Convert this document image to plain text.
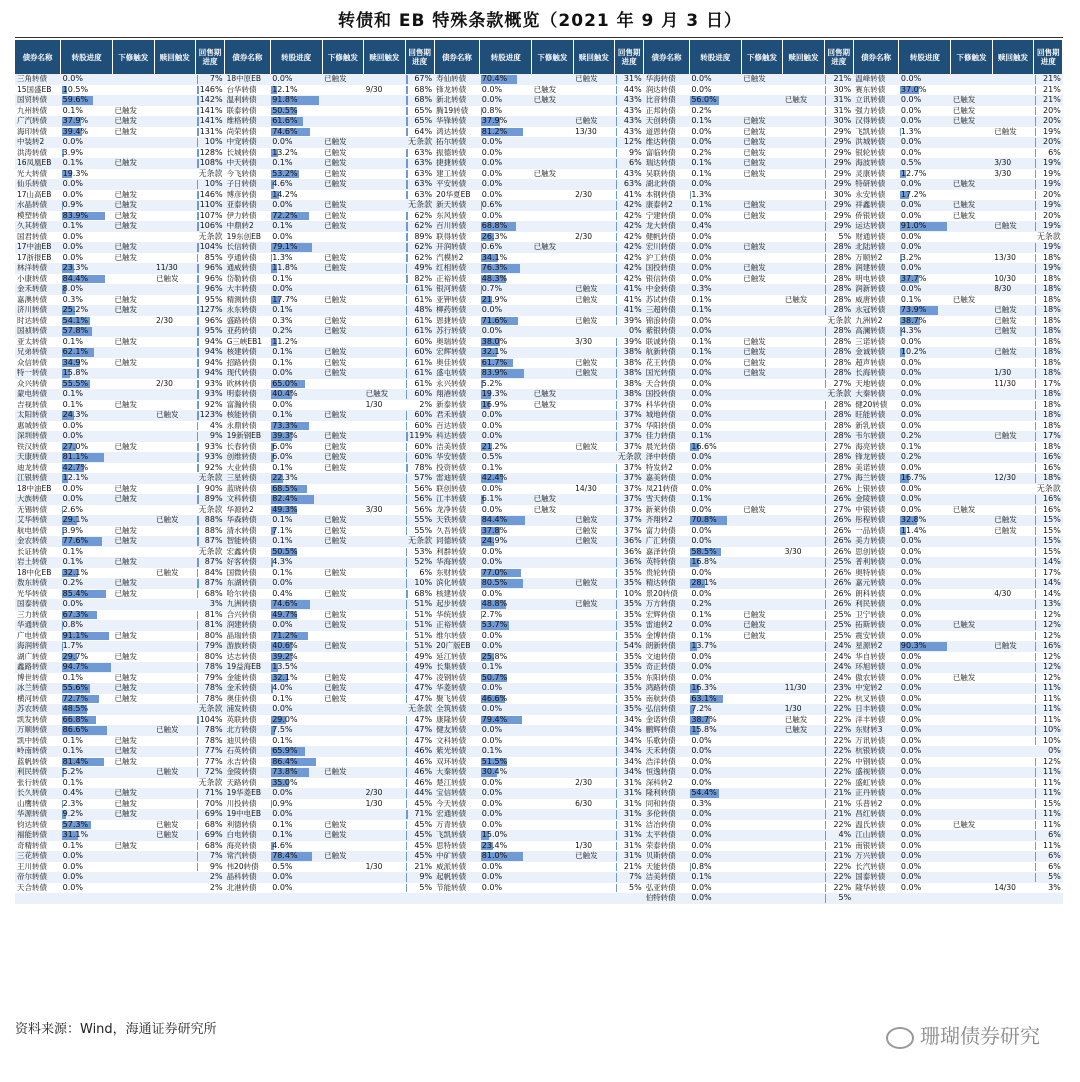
转债和 EB 特殊条款概览（2021 年 9 月 3 日）
债券名称	转股进度	下修触发	赎回触发	回售期进度	债券名称	转股进度	下修触发	赎回触发	回售期进度	债券名称	转股进度	下修触发	赎回触发	回售期进度	债券名称	转股进度	下修触发	赎回触发	回售期进度	债券名称	转股进度	下修触发	赎回触发	回售期进度
三角转债	0.0%			7%	18中原EB	0.0%	已触发		67%	寿仙转债	70.4%		已触发	31%	华海转债	0.0%	已触发		21%	温峰转债	0.0%			21%
15国盛EB	10.5%			146%	台华转债	12.1%		9/30	68%	锋龙转债	0.0%	已触发		44%	润达转债	0.0%			30%	赛东转债	37.0%			21%
国贸转债	59.6%			142%	温利转债	91.8%			68%	新北转债	0.0%	已触发		43%	比音转债	56.0%		已触发	31%	立讯转债	0.0%	已触发		21%
九州转债	0.1%	已触发		141%	联泰转债	50.5%			65%	腾19转债	0.8%			43%	正邦转债	0.2%			31%	强力转债	0.0%	已触发		20%
广汽转债	37.9%	已触发		141%	维格转债	61.6%			65%	华锋转债	37.9%		已触发	43%	天创转债	0.1%	已触发		30%	汉得转债	0.0%	已触发		20%
海印转债	39.4%	已触发		131%	尚荣转债	74.6%			64%	鸿达转债	81.2%		13/30	43%	道恩转债	0.0%	已触发		29%	飞凯转债	1.3%		已触发	19%
中装转2	0.0%			10%	中宠转债	0.0%	已触发		无条款	拓尔转债	0.0%			12%	维达转债	0.0%	已触发		29%	洪城转债	0.0%			20%
洪涛转债	3.9%			128%	长城转债	13.2%	已触发		63%	振德转债	0.0%			9%	富临转债	0.2%	已触发		29%	银轮转债	0.0%			6%
16凤凰EB	0.1%	已触发		108%	中天转债	0.1%	已触发		63%	捷捷转债	0.0%			6%	瑞达转债	0.1%	已触发		29%	海波转债	0.5%		3/30	19%
光大转债	19.3%			无条款	今飞转债	53.2%	已触发		63%	建工转债	0.0%	已触发		43%	吴联转债	0.1%	已触发		29%	灵康转债	12.7%		3/30	19%
仙乐转债	0.0%			10%	子日转债	4.6%	已触发		63%	平安转债	0.0%			63%	湖北转债	0.0%			29%	特研转债	0.0%	已触发		19%
17山高EB	0.0%	已触发		146%	博彦转债	14.2%			63%	20华夏EB	0.0%		2/30	41%	本钢转债	1.3%			30%	永安转债	17.2%			20%
水晶转债	0.9%	已触发		110%	亚泰转债	0.0%	已触发		无条款	新天转债	0.6%			42%	康泰转2	0.1%	已触发		29%	祥鑫转债	0.0%	已触发		19%
模塑转债	83.9%	已触发		107%	伊力转债	72.2%	已触发		62%	东风转债	0.0%			42%	宁建转债	0.0%	已触发		29%	侨银转债	0.0%	已触发		20%
久其转债	0.1%	已触发		106%	中鼎转2	0.1%	已触发		62%	百川转债	68.8%			42%	龙大转债	0.4%			29%	运达转债	91.0%		已触发	19%
国君转债	0.0%			无条款	19东创EB	0.0%			89%	联得转债	26.3%		2/30	42%	健帆转债	0.0%			5%	财通转债	0.0%			无条款
17中油EB	0.0%	已触发		104%	长信转债	79.1%			62%	开润转债	0.6%	已触发		42%	宏川转债	0.0%	已触发		28%	北陆转债	0.0%			19%
17浙报EB	0.0%	已触发		85%	亨通转债	1.3%	已触发		62%	汽模转2	34.1%			42%	沪工转债	0.0%			28%	万顺转2	3.2%		13/30	18%
林洋转债	23.3%		11/30	96%	通威转债	11.8%	已触发		49%	红相转债	76.3%			42%	国投转债	0.0%	已触发		28%	润建转债	0.0%			19%
小康转债	84.4%		已触发	96%	岱勒转债	0.1%			82%	正裕转债	48.3%			42%	银信转债	0.0%	已触发		28%	明电转债	37.7%		10/30	18%
金禾转债	8.0%			96%	大丰转债	0.0%			61%	银河转债	0.7%		已触发	41%	中金转债	0.3%			28%	润新转债	0.0%		8/30	18%
嘉澳转债	0.3%	已触发		95%	精测转债	17.7%	已触发		61%	亚钾转债	21.9%		已触发	41%	苏试转债	0.1%		已触发	28%	威唐转债	0.1%	已触发		18%
济川转债	25.2%	已触发		127%	永东转债	0.1%			48%	柳药转债	0.0%			41%	三超转债	0.1%			28%	永冠转债	73.9%		已触发	18%
时达转债	54.1%		2/30	96%	盛路转债	0.3%	已触发		61%	恩捷转债	71.6%		已触发	39%	锦浪转债	0.0%			无条款	九洲转2	38.7%		已触发	18%
国祯转债	57.8%			95%	亚药转债	0.2%	已触发		61%	苏行转债	0.0%			0%	紫银转债	0.0%			28%	高澜转债	4.3%		已触发	18%
亚太转债	0.1%	已触发		94%	G三峡EB1	11.2%			60%	奥瑞转债	38.0%		3/30	39%	联诚转债	0.1%	已触发		28%	三诺转债	0.0%			18%
兄弟转债	62.1%			94%	核建转债	0.1%	已触发		60%	宏辉转债	32.1%			38%	航新转债	0.1%	已触发		28%	金诚转债	10.2%		已触发	18%
众信转债	34.9%	已触发		94%	招路转债	0.1%	已触发		61%	奥佳转债	61.7%		已触发	38%	花王转债	0.0%	已触发		28%	超声转债	0.0%			18%
特一转债	15.8%			94%	现代转债	0.0%	已触发		61%	盛屯转债	83.9%		已触发	38%	国光转债	0.0%	已触发		28%	长海转债	0.0%		1/30	18%
众兴转债	55.5%		2/30	93%	欧林转债	65.0%			61%	永兴转债	5.2%			38%	天合转债	0.0%			27%	天地转债	0.0%		11/30	17%
蒙电转债	0.1%			93%	明泰转债	40.4%		已触发	60%	翔港转债	19.3%	已触发		38%	国投转债	0.0%			无条款	大秦转债	0.0%			18%
吉视转债	0.1%	已触发		92%	富瀚转债	0.0%		1/30	2%	新泰转债	16.9%	已触发		37%	科华转债	0.0%			28%	健20转债	0.0%			18%
太阳转债	24.3%		已触发	123%	核能转债	0.1%	已触发		60%	君禾转债	0.0%			37%	城地转债	0.0%			28%	旺能转债	0.0%			18%
惠城转债	0.0%			4%	永鼎转债	73.3%			60%	百达转债	0.0%			37%	华阳转债	0.0%			28%	新乳转债	0.0%			18%
深圳转债	0.0%			9%	19新钢EB	39.3%	已触发		119%	科达转债	0.0%			37%	佳力转债	0.1%			28%	韦尔转债	0.2%		已触发	17%
铁汉转债	27.0%	已触发		93%	长春转债	6.0%	已触发		60%	洁美转债	21.2%		已触发	37%	晨光转债	16.6%			27%	海亮转债	0.1%			18%
天康转债	81.1%			93%	创维转债	6.0%	已触发		60%	华安转债	0.5%			无条款	泽中转债	0.0%			28%	锋龙转债	0.2%			16%
迪龙转债	42.7%			92%	大业转债	0.1%	已触发		78%	投资转债	0.1%			37%	特发转2	0.0%			28%	美诺转债	0.0%			16%
江银转债	12.1%			无条款	三星转债	22.3%			57%	雷迪转债	42.4%			37%	嘉美转债	0.0%			27%	海兰转债	16.7%		12/30	18%
18中油EB	0.0%	已触发		90%	蓝晓转债	68.5%			56%	联创转债	0.0%		14/30	37%	凤21转债	0.0%			26%	上银转债	0.0%			无条款
大族转债	0.0%	已触发		89%	文科转债	82.4%			56%	江丰转债	6.1%	已触发		37%	雪天转债	0.1%			26%	金陵转债	0.0%			16%
无锡转债	2.6%			无条款	华源转2	49.3%		3/30	56%	龙净转债	0.0%	已触发		37%	新莱转债	0.0%	已触发		27%	中银转债	0.0%	已触发		16%
艾华转债	29.1%		已触发	88%	华森转债	0.1%	已触发		55%	天铁转债	84.4%		已触发	37%	齐翔转2	70.8%			26%	彤程转债	32.8%		已触发	15%
航电转债	3.9%	已触发		88%	清水转债	7.1%	已触发		55%	久吾转债	37.8%		已触发	37%	富力转债	0.0%			26%	一品转债	11.4%		已触发	15%
金农转债	77.6%	已触发		87%	智能转债	0.1%	已触发		无条款	同德转债	24.9%		已触发	36%	广汇转债	0.0%			26%	美力转债	0.0%			15%
长证转债	0.1%			无条款	宏鑫转债	50.5%			53%	利群转债	0.0%			36%	嘉泽转债	58.5%		3/30	26%	思创转债	0.0%			15%
岩土转债	0.1%	已触发		87%	好客转债	4.3%			52%	华海转债	0.0%			36%	英特转债	16.8%			25%	普利转债	0.0%			14%
18中化EB	32.1%		已触发	84%	国微转债	0.1%	已触发		6%	东财转债	77.0%			35%	贵轮转债	0.0%			26%	奥特转债	0.0%			17%
敖东转债	0.2%	已触发		87%	东湖转债	0.0%			10%	滨化转债	80.5%		已触发	35%	精达转债	28.1%			26%	嘉元转债	0.0%			14%
光华转债	85.4%	已触发		68%	哈尔转债	0.4%	已触发		68%	核建转债	0.0%			10%	景20转债	0.0%			26%	朗科转债	0.0%		4/30	14%
国泰转债	0.0%			3%	九洲转债	74.6%			51%	起步转债	48.8%		已触发	35%	万方转债	0.2%			26%	利民转债	0.0%			13%
三力转债	67.3%			81%	合兴转债	49.7%	已触发		51%	华统转债	2.7%			35%	宏辉转债	0.1%	已触发		25%	卫宁转债	0.0%			12%
华通转债	0.8%			81%	润建转债	0.0%	已触发		51%	正裕转债	53.7%			35%	雷迪转2	0.0%	已触发		25%	拓斯转债	0.0%	已触发		12%
广电转债	91.1%	已触发		80%	晶瑞转债	71.2%			51%	维尔转债	0.0%			35%	金博转债	0.1%	已触发		25%	震安转债	0.0%			12%
海润转债	1.7%			79%	游族转债	40.6%	已触发		51%	20广版EB	0.0%			54%	朗新转债	13.7%			24%	星源转2	90.3%		已触发	16%
湖广转债	29.7%	已触发		80%	达志转债	39.2%			49%	延江转债	25.8%			35%	文迪转债	0.0%			24%	华自转债	0.0%			12%
鑫路转债	94.7%			78%	19益海EB	13.5%			49%	长集转债	0.1%			35%	奇正转债	0.0%			24%	环旭转债	0.0%			12%
博世转债	0.1%	已触发		79%	金能转债	32.1%	已触发		47%	凌钢转债	50.7%			35%	东阳转债	0.0%			24%	傲农转债	0.0%	已触发		12%
冰兰转债	55.6%	已触发		78%	金禾转债	4.0%	已触发		47%	华菱转债	0.0%			35%	鸿路转债	16.3%		11/30	23%	中宠转2	0.0%			11%
横河转债	72.7%	已触发		78%	奥佳转债	0.1%	已触发		47%	聚飞转债	46.6%			35%	南航转债	63.1%			22%	杭叉转债	0.0%			11%
苏农转债	48.5%			无条款	浦发转债	0.0%			无条款	全筑转债	0.0%			35%	弘信转债	7.2%		1/30	22%	日丰转债	0.0%			11%
凯发转债	66.8%			104%	英联转债	29.0%			47%	康隆转债	79.4%			34%	金诺转债	38.7%		已触发	22%	洋丰转债	0.0%			11%
万顺转债	86.6%		已触发	78%	北方转债	7.5%			47%	健友转债	0.0%			34%	鹏辉转债	15.8%		已触发	22%	东财转3	0.0%			10%
凯中转债	0.1%	已触发		78%	迪贝转债	0.1%			47%	文科转债	0.0%			34%	乐歌转债	0.0%			22%	万讯转债	0.0%			10%
岭南转债	0.1%	已触发		77%	石英转债	65.9%			46%	紫光转债	0.1%			34%	天禾转债	0.0%			22%	杭银转债	0.0%			0%
蓝帆转债	81.4%	已触发		77%	永吉转债	86.4%			46%	双环转债	51.5%			34%	浩洋转债	0.0%			22%	中钢转债	0.0%			12%
利民转债	5.2%		已触发	72%	金陵转债	73.8%	已触发		46%	大秦转债	30.4%			34%	恒逸转债	0.0%			22%	盛视转债	0.0%			11%
张行转债	0.1%			无条款	天路转债	35.0%			46%	楚江转债	0.0%		2/30	31%	深科转2	0.0%			22%	盛虹转债	0.0%			11%
长久转债	0.4%	已触发		71%	19华菱EB	0.0%		2/30	44%	宝信转债	0.0%			31%	隆利转债	54.4%			21%	正丹转债	0.0%			11%
山鹰转债	2.3%	已触发		70%	川投转债	0.9%		1/30	45%	今天转债	0.0%		6/30	31%	同和转债	0.3%			21%	乐普转2	0.0%			15%
华源转债	9.2%	已触发		69%	19中电EB	0.0%			71%	宏通转债	0.0%			31%	多伦转债	0.0%			21%	昌红转债	0.0%			11%
钧达转债	57.3%		已触发	68%	利德转债	0.1%	已触发		45%	万青转债	0.0%			31%	洁冶转债	0.0%			22%	温氏转债	0.0%	已触发		11%
福能转债	31.1%		已触发	69%	白电转债	0.1%	已触发		45%	飞凯转债	15.0%			31%	太平转债	0.0%			4%	江山转债	0.0%			6%
奇精转债	0.1%	已触发		68%	海亮转债	4.6%			45%	思特转债	23.4%		1/30	31%	荣泰转债	0.0%			21%	南银转债	0.0%			11%
三花转债	0.0%			7%	常汽转债	78.4%	已触发		45%	中矿转债	81.0%		已触发	31%	贝斯转债	0.0%			21%	万兴转债	0.0%			6%
王川转债	0.0%			9%	伟20转债	0.5%		1/30	21%	威派转债	0.0%			21%	天能转债	0.8%			22%	长汽转债	0.0%			6%
帝尔转债	0.0%			2%	晶科转债	0.0%			9%	起帆转债	0.0%			7%	洁美转债	0.1%			22%	国泰转债	0.0%			5%
天合转债	0.0%			2%	北港转债	0.0%			5%	节能转债	0.0%			5%	弘亚转债	0.0%			22%	隆华转债	0.0%		14/30	3%
															伯特转债	0.0%			5%					
资料来源：Wind，海通证券研究所	珊瑚债券研究
